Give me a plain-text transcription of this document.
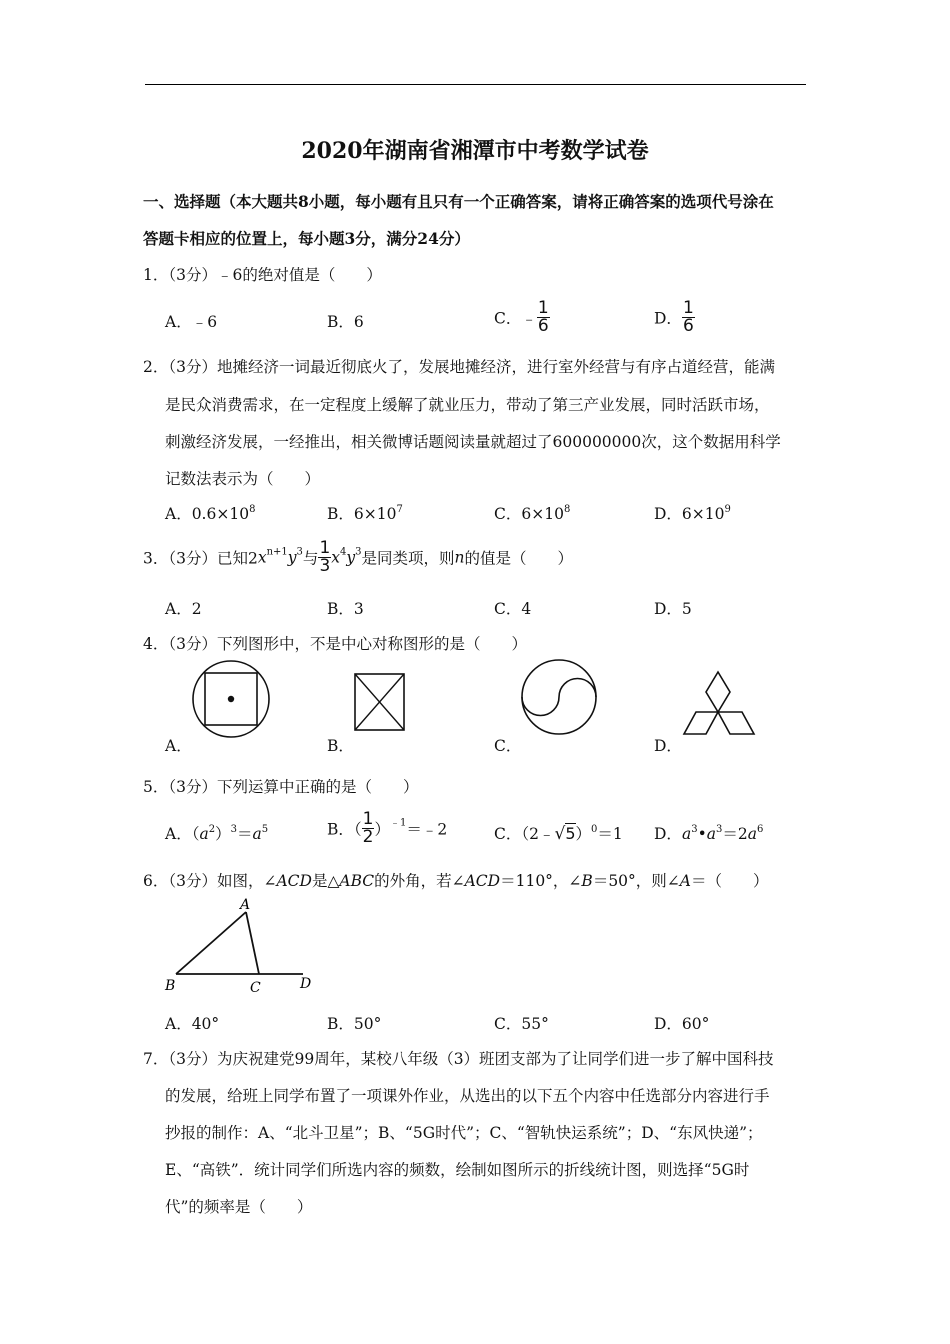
2020年湖南省湘潭市中考数学试卷
一、选择题（本大题共8小题，每小题有且只有一个正确答案，请将正确答案的选项代号涂在
答题卡相应的位置上，每小题3分，满分24分）
1．（3分）﹣6的绝对值是（　　）
A．﹣6	B．6	C．﹣ $\frac{1}{6}$	D． $\frac{1}{6}$
2．（3分）地摊经济一词最近彻底火了，发展地摊经济，进行室外经营与有序占道经营，能满
是民众消费需求，在一定程度上缓解了就业压力，带动了第三产业发展，同时活跃市场，
刺激经济发展，一经推出，相关微博话题阅读量就超过了600000000次，这个数据用科学
记数法表示为（　　）
A．$0.6\times 10^8$	B．$6\times 10^7$	C．$6\times 10^8$	D．$6\times 10^9$
3．（3分）已知$2x^{n+1}y^3$与 $\frac{1}{3} x^4y^3$是同类项，则n的值是（　　）
A．2	B．3	C．4	D．5
4．（3分）下列图形中，不是中心对称图形的是（　　）
A．	B．	C．	D．
5．（3分）下列运算中正确的是（　　）
A．$(a^2)^3=a^5$	B．（ $\frac{1}{2}$ ）$^{﹣1}$＝﹣2	C．（2﹣√5）$^0$＝1 D．$a^3•a^3=2a^6$
6．（3分）如图，∠ACD是△ABC的外角，若∠ACD＝110°，∠B＝50°，则∠A＝（　　）
A
B	C	D
A．40°	B．50°	C．55°	D．60°
7．（3分）为庆祝建党99周年，某校八年级（3）班团支部为了让同学们进一步了解中国科技
的发展，给班上同学布置了一项课外作业，从选出的以下五个内容中任选部分内容进行手
抄报的制作：A、“北斗卫星”；B、“5G时代”；C、“智轨快运系统”；D、“东风快递”；
E、“高铁”．统计同学们所选内容的频数，绘制如图所示的折线统计图，则选择“5G时
代”的频率是（　　）
